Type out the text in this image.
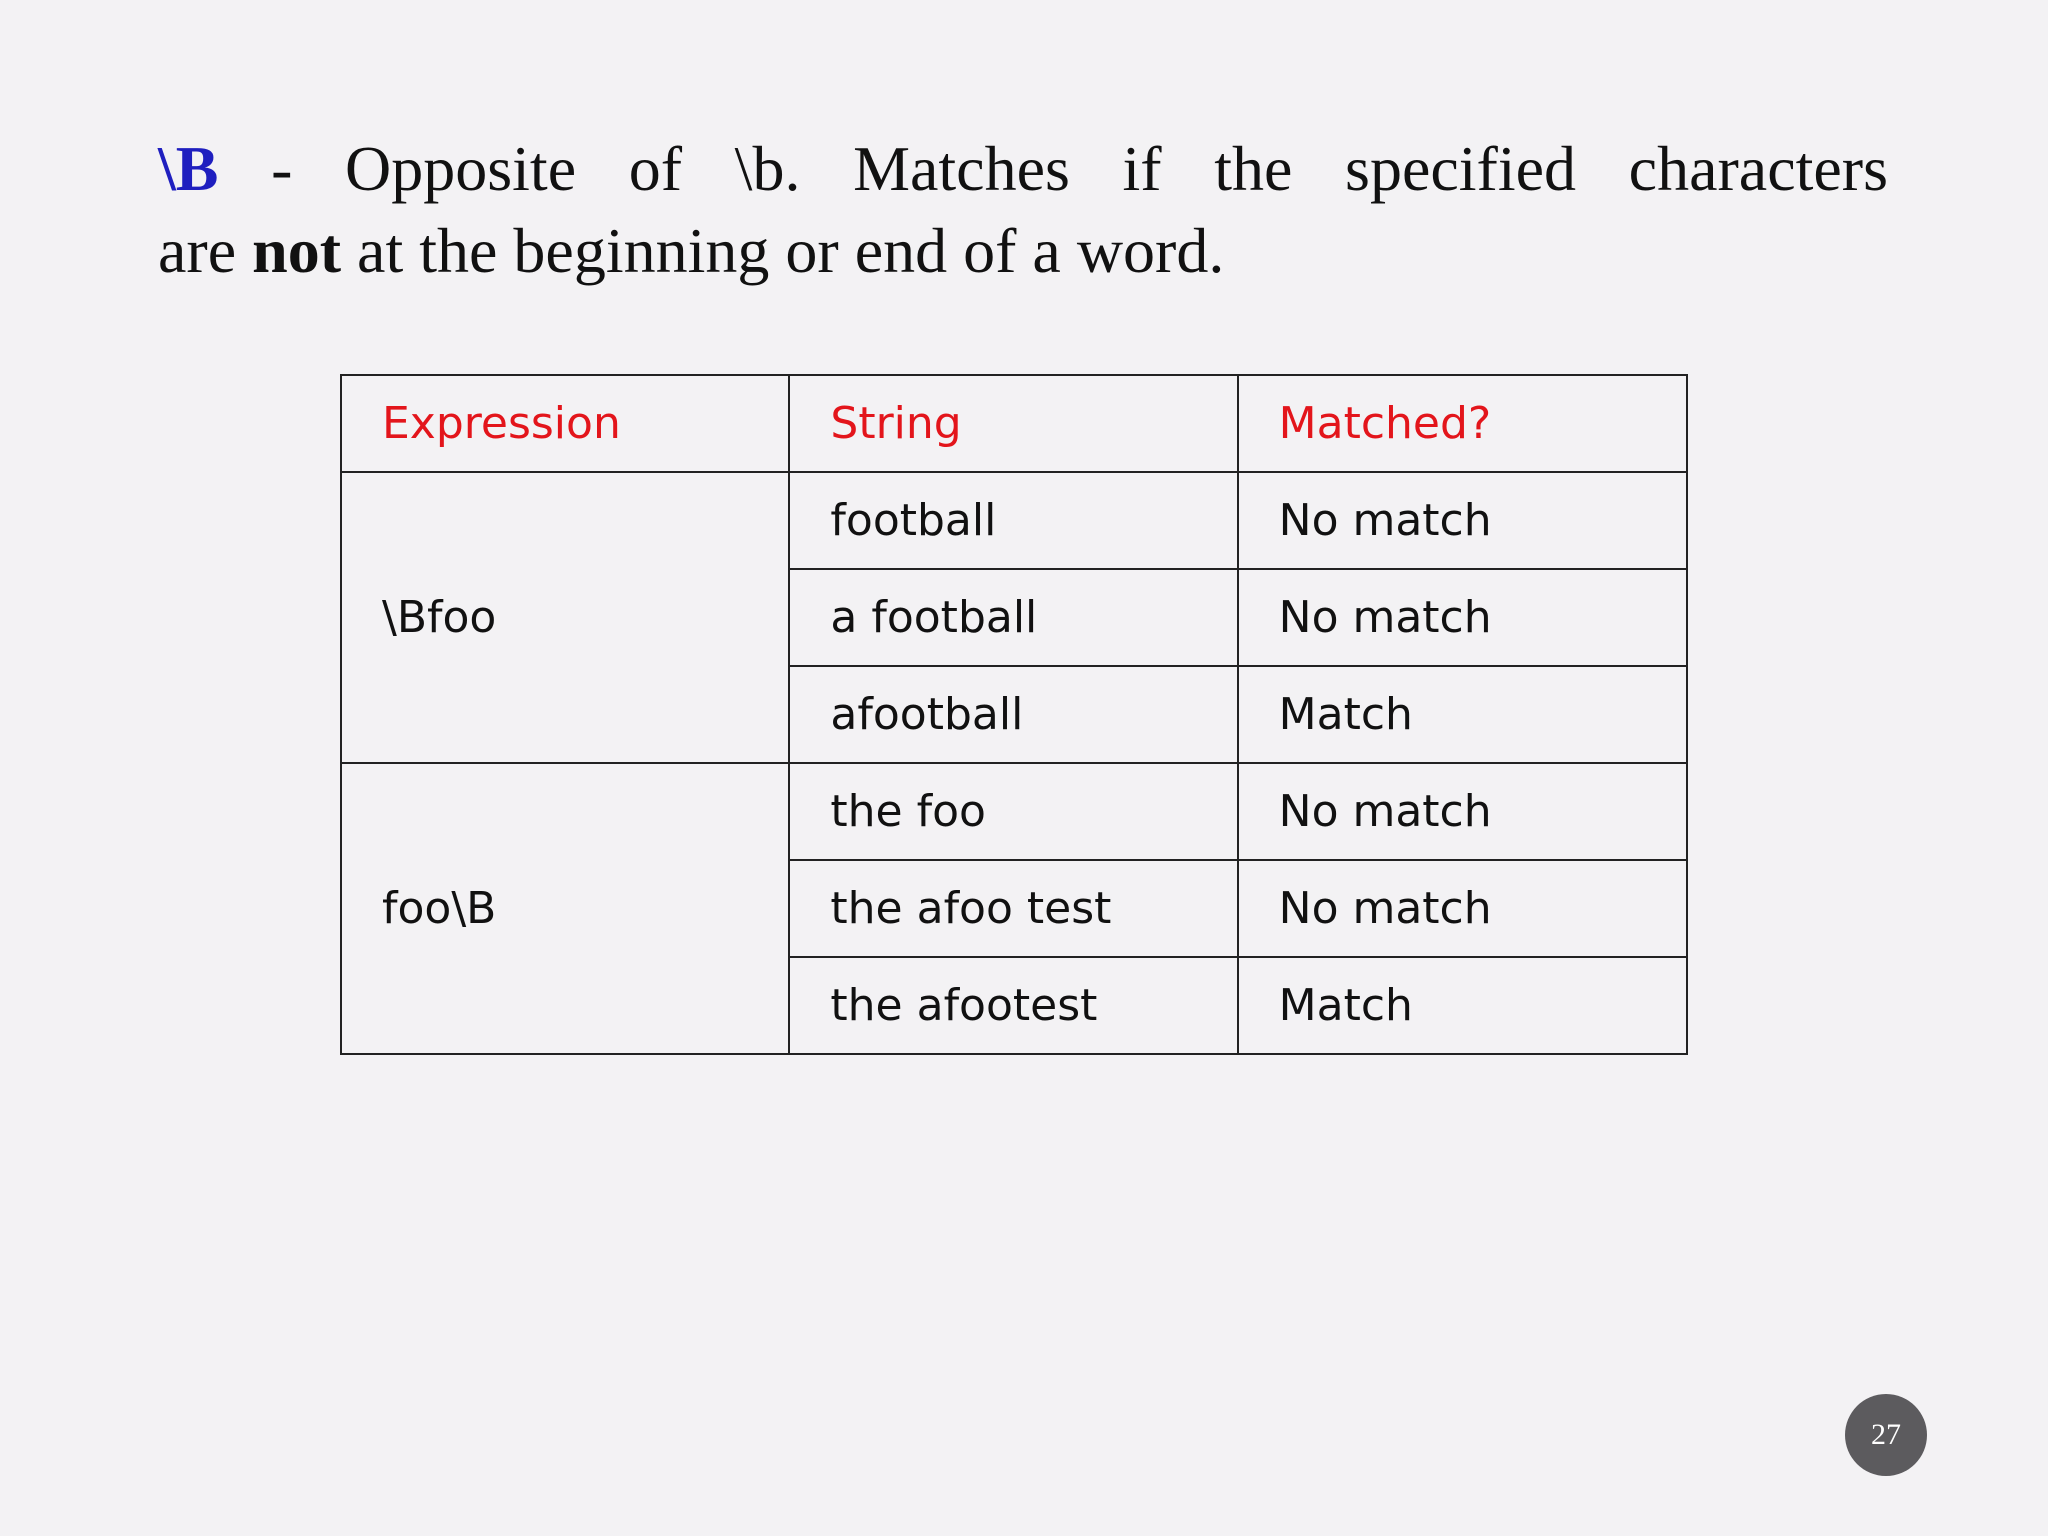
\B - Opposite of \b. Matches if the specified characters
are not at the beginning or end of a word.
Expression	String	Matched?
\Bfoo	football	No match
	a football	No match
	afootball	Match
foo\B	the foo	No match
	the afoo test	No match
	the afootest	Match
27
